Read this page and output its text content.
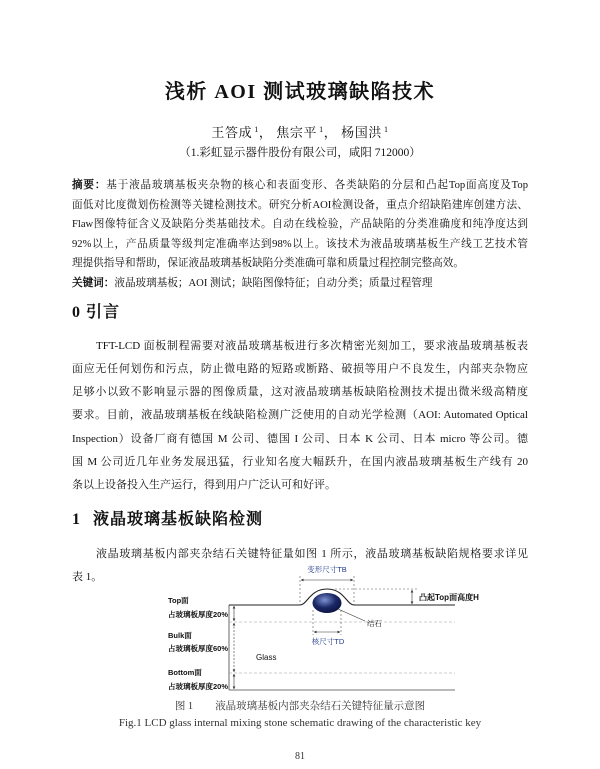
浅析 AOI 测试玻璃缺陷技术
王答成 $^1$， 焦宗平 $^1$， 杨国洪 $^1$
（1.彩虹显示器件股份有限公司，咸阳 712000）
摘要：基于液晶玻璃基板夹杂物的核心和表面变形、各类缺陷的分层和凸起Top面高度及Top
面低对比度微划伤检测等关键检测技术。研究分析AOI检测设备，重点介绍缺陷建库创建方法、
Flaw图像特征含义及缺陷分类基础技术。自动在线检验，产品缺陷的分类准确度和纯净度达到
92%以上，产品质量等级判定准确率达到98%以上。该技术为液晶玻璃基板生产线工艺技术管
理提供指导和帮助，保证液晶玻璃基板缺陷分类准确可靠和质量过程控制完整高效。
关键词：液晶玻璃基板；AOI 测试；缺陷图像特征；自动分类；质量过程管理
0 引言
TFT-LCD 面板制程需要对液晶玻璃基板进行多次精密光刻加工，要求液晶玻璃基板表
面应无任何划伤和污点，防止微电路的短路或断路、破损等用户不良发生，内部夹杂物应
足够小以致不影响显示器的图像质量，这对液晶玻璃基板缺陷检测技术提出微米级高精度
要求。目前，液晶玻璃基板在线缺陷检测广泛使用的自动光学检测（AOI: Automated Optical
Inspection）设备厂商有德国 M 公司、德国 I 公司、日本 K 公司、日本 micro 等公司。德
国 M 公司近几年业务发展迅猛，行业知名度大幅跃升，在国内液晶玻璃基板生产线有 20
条以上设备投入生产运行，得到用户广泛认可和好评。
1 液晶玻璃基板缺陷检测
液晶玻璃基板内部夹杂结石关键特征量如图 1 所示，液晶玻璃基板缺陷规格要求详见
表 1。
变形尺寸TB
凸起Top面高度H
结石
核尺寸TD
Glass
Top面
占玻璃板厚度20%
Bulk面
占玻璃板厚度60%
Bottom面
占玻璃板厚度20%
图 1 液晶玻璃基板内部夹杂结石关键特征量示意图
Fig.1 LCD glass internal mixing stone schematic drawing of the characteristic key
81
